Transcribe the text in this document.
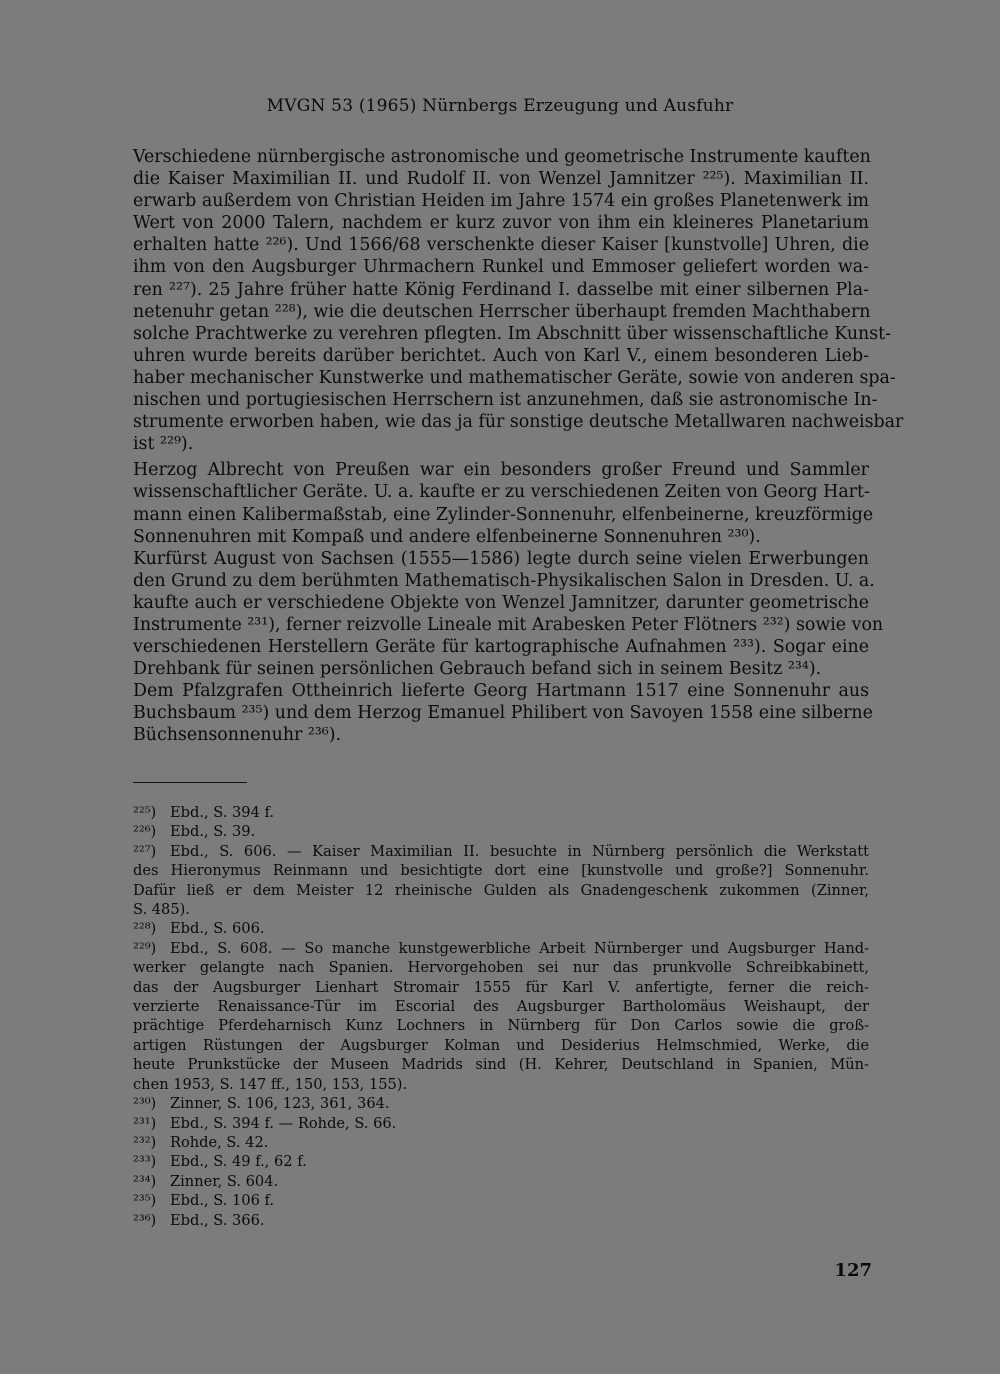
MVGN 53 (1965) Nürnbergs Erzeugung und Ausfuhr

Verschiedene nürnbergische astronomische und geometrische Instrumente kauften
die Kaiser Maximilian II. und Rudolf II. von Wenzel Jamnitzer ²²⁵). Maximilian II.
erwarb außerdem von Christian Heiden im Jahre 1574 ein großes Planetenwerk im
Wert von 2000 Talern, nachdem er kurz zuvor von ihm ein kleineres Planetarium
erhalten hatte ²²⁶). Und 1566/68 verschenkte dieser Kaiser [kunstvolle] Uhren, die
ihm von den Augsburger Uhrmachern Runkel und Emmoser geliefert worden wa-
ren ²²⁷). 25 Jahre früher hatte König Ferdinand I. dasselbe mit einer silbernen Pla-
netenuhr getan ²²⁸), wie die deutschen Herrscher überhaupt fremden Machthabern
solche Prachtwerke zu verehren pflegten. Im Abschnitt über wissenschaftliche Kunst-
uhren wurde bereits darüber berichtet. Auch von Karl V., einem besonderen Lieb-
haber mechanischer Kunstwerke und mathematischer Geräte, sowie von anderen spa-
nischen und portugiesischen Herrschern ist anzunehmen, daß sie astronomische In-
strumente erworben haben, wie das ja für sonstige deutsche Metallwaren nachweisbar
ist ²²⁹).

Herzog Albrecht von Preußen war ein besonders großer Freund und Sammler
wissenschaftlicher Geräte. U. a. kaufte er zu verschiedenen Zeiten von Georg Hart-
mann einen Kalibermaßstab, eine Zylinder-Sonnenuhr, elfenbeinerne, kreuzförmige
Sonnenuhren mit Kompaß und andere elfenbeinerne Sonnenuhren ²³⁰).

Kurfürst August von Sachsen (1555—1586) legte durch seine vielen Erwerbungen
den Grund zu dem berühmten Mathematisch-Physikalischen Salon in Dresden. U. a.
kaufte auch er verschiedene Objekte von Wenzel Jamnitzer, darunter geometrische
Instrumente ²³¹), ferner reizvolle Lineale mit Arabesken Peter Flötners ²³²) sowie von
verschiedenen Herstellern Geräte für kartographische Aufnahmen ²³³). Sogar eine
Drehbank für seinen persönlichen Gebrauch befand sich in seinem Besitz ²³⁴).

Dem Pfalzgrafen Ottheinrich lieferte Georg Hartmann 1517 eine Sonnenuhr aus
Buchsbaum ²³⁵) und dem Herzog Emanuel Philibert von Savoyen 1558 eine silberne
Büchsensonnenuhr ²³⁶).

²²⁵) Ebd., S. 394 f.
²²⁶) Ebd., S. 39.
²²⁷) Ebd., S. 606. — Kaiser Maximilian II. besuchte in Nürnberg persönlich die Werkstatt
des Hieronymus Reinmann und besichtigte dort eine [kunstvolle und große?] Sonnenuhr.
Dafür ließ er dem Meister 12 rheinische Gulden als Gnadengeschenk zukommen (Zinner,
S. 485).
²²⁸) Ebd., S. 606.
²²⁹) Ebd., S. 608. — So manche kunstgewerbliche Arbeit Nürnberger und Augsburger Hand-
werker gelangte nach Spanien. Hervorgehoben sei nur das prunkvolle Schreibkabinett,
das der Augsburger Lienhart Stromair 1555 für Karl V. anfertigte, ferner die reich-
verzierte Renaissance-Tür im Escorial des Augsburger Bartholomäus Weishaupt, der
prächtige Pferdeharnisch Kunz Lochners in Nürnberg für Don Carlos sowie die groß-
artigen Rüstungen der Augsburger Kolman und Desiderius Helmschmied, Werke, die
heute Prunkstücke der Museen Madrids sind (H. Kehrer, Deutschland in Spanien, Mün-
chen 1953, S. 147 ff., 150, 153, 155).
²³⁰) Zinner, S. 106, 123, 361, 364.
²³¹) Ebd., S. 394 f. — Rohde, S. 66.
²³²) Rohde, S. 42.
²³³) Ebd., S. 49 f., 62 f.
²³⁴) Zinner, S. 604.
²³⁵) Ebd., S. 106 f.
²³⁶) Ebd., S. 366.
127
